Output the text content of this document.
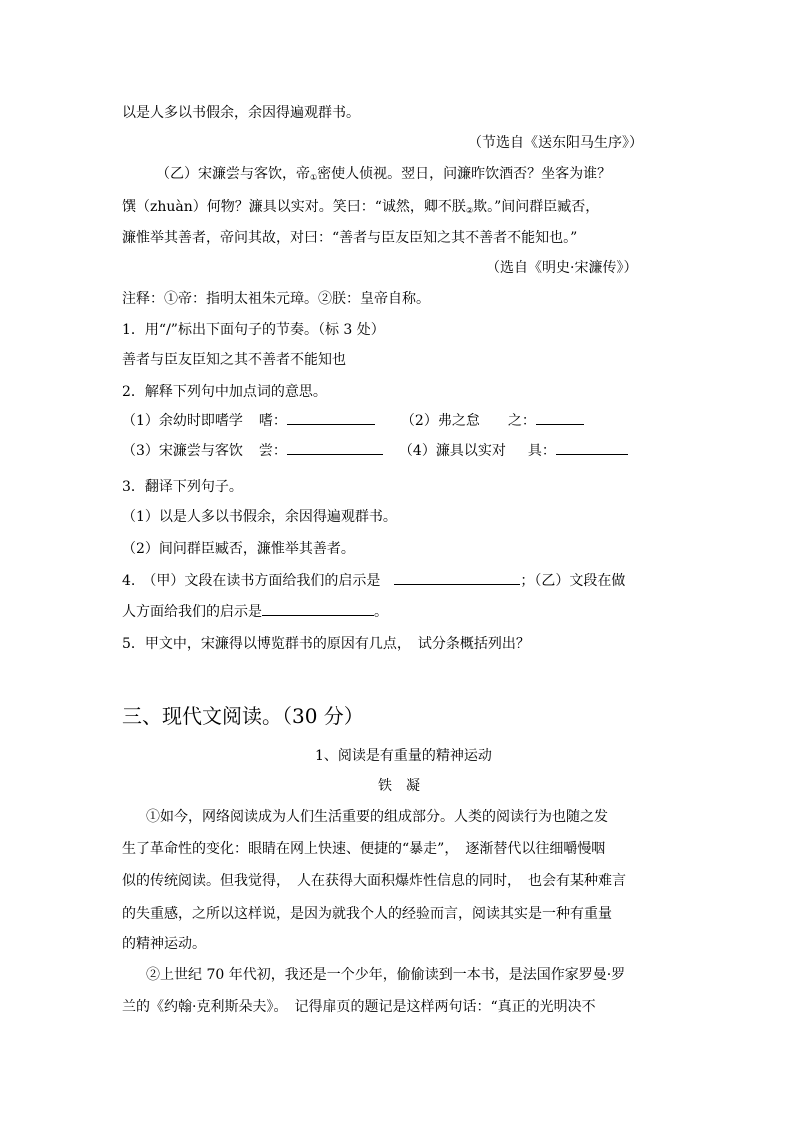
以是人多以书假余，余因得遍观群书。
（节选自《送东阳马生序》）
（乙）宋濂尝与客饮，帝①密使人侦视。翌日，问濂昨饮酒否？坐客为谁？
馔（zhuàn）何物？濂具以实对。笑曰：“诚然，卿不朕②欺。”间问群臣臧否，
濂惟举其善者，帝问其故，对曰：“善者与臣友臣知之其不善者不能知也。”
（选自《明史·宋濂传》）
注释：①帝：指明太祖朱元璋。②朕：皇帝自称。
1．用“/”标出下面句子的节奏。（标 3 处）
善者与臣友臣知之其不善者不能知也
2．解释下列句中加点词的意思。
（1）余幼时即嗜学 嗜：	（2）弗之怠 之：
（3）宋濂尝与客饮 尝：	（4）濂具以实对 具：
3．翻译下列句子。
（1）以是人多以书假余，余因得遍观群书。
（2）间问群臣臧否，濂惟举其善者。
4.　（甲）文段在读书方面给我们的启示是	；（乙）文段在做
人方面给我们的启示是	。
5．甲文中，宋濂得以博览群书的原因有几点，　试分条概括列出？
三、现代文阅读。（30 分）
1、阅读是有重量的精神运动
铁　凝
①如今，网络阅读成为人们生活重要的组成部分。人类的阅读行为也随之发
生了革命性的变化：眼睛在网上快速、便捷的“暴走”，　逐渐替代以往细嚼慢咽
似的传统阅读。但我觉得，　人在获得大面积爆炸性信息的同时，　也会有某种难言
的失重感，之所以这样说，是因为就我个人的经验而言，阅读其实是一种有重量
的精神运动。
②上世纪 70 年代初，我还是一个少年，偷偷读到一本书，是法国作家罗曼·罗
兰的《约翰·克利斯朵夫》。　记得扉页的题记是这样两句话：“真正的光明决不
